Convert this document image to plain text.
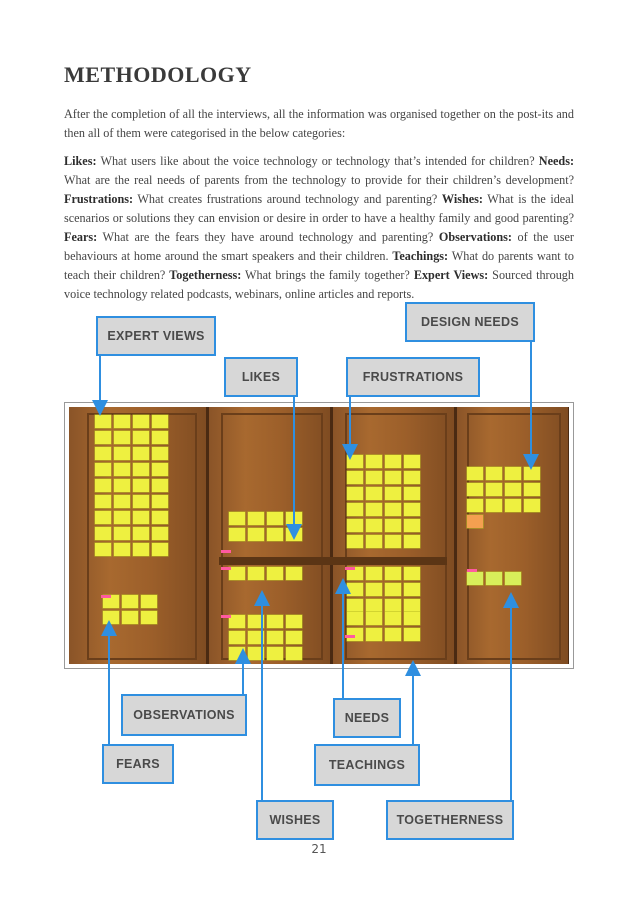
METHODOLOGY
After the completion of all the interviews, all the information was organised together on the post-its and then all of them were categorised in the below categories:
Likes: What users like about the voice technology or technology that’s intended for children? Needs: What are the real needs of parents from the technology to provide for their children’s development? Frustrations: What creates frustrations around technology and parenting? Wishes: What is the ideal scenarios or solutions they can envision or desire in order to have a healthy family and good parenting? Fears: What are the fears they have around technology and parenting? Observations: of the user behaviours at home around the smart speakers and their children. Teachings: What do parents want to teach their children? Togetherness: What brings the family together? Expert Views: Sourced through voice technology related podcasts, webinars, online articles and reports.
EXPERT VIEWS
DESIGN NEEDS
LIKES	FRUSTRATIONS
OBSERVATIONS	NEEDS
FEARS	TEACHINGS
WISHES	TOGETHERNESS
21
